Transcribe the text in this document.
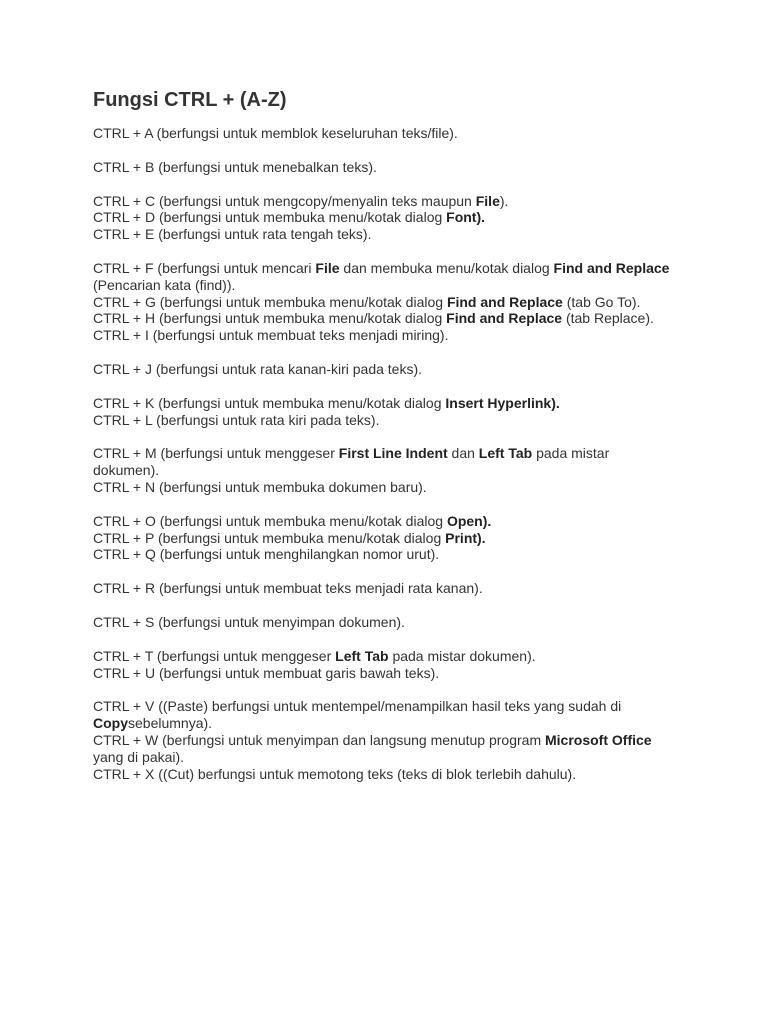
Fungsi CTRL + (A-Z)
CTRL + A (berfungsi untuk memblok keseluruhan teks/file).
CTRL + B (berfungsi untuk menebalkan teks).
CTRL + C (berfungsi untuk mengcopy/menyalin teks maupun File).
CTRL + D (berfungsi untuk membuka menu/kotak dialog Font).
CTRL + E (berfungsi untuk rata tengah teks).
CTRL + F (berfungsi untuk mencari File dan membuka menu/kotak dialog Find and Replace (Pencarian kata (find)).
CTRL + G (berfungsi untuk membuka menu/kotak dialog Find and Replace (tab Go To).
CTRL + H (berfungsi untuk membuka menu/kotak dialog Find and Replace (tab Replace).
CTRL + I (berfungsi untuk membuat teks menjadi miring).
CTRL + J (berfungsi untuk rata kanan-kiri pada teks).
CTRL + K (berfungsi untuk membuka menu/kotak dialog Insert Hyperlink).
CTRL + L (berfungsi untuk rata kiri pada teks).
CTRL + M (berfungsi untuk menggeser First Line Indent dan Left Tab pada mistar dokumen).
CTRL + N (berfungsi untuk membuka dokumen baru).
CTRL + O (berfungsi untuk membuka menu/kotak dialog Open).
CTRL + P (berfungsi untuk membuka menu/kotak dialog Print).
CTRL + Q (berfungsi untuk menghilangkan nomor urut).
CTRL + R (berfungsi untuk membuat teks menjadi rata kanan).
CTRL + S (berfungsi untuk menyimpan dokumen).
CTRL + T (berfungsi untuk menggeser Left Tab pada mistar dokumen).
CTRL + U (berfungsi untuk membuat garis bawah teks).
CTRL + V ((Paste) berfungsi untuk mentempel/menampilkan hasil teks yang sudah di Copysebelumnya).
CTRL + W (berfungsi untuk menyimpan dan langsung menutup program Microsoft Office yang di pakai).
CTRL + X ((Cut) berfungsi untuk memotong teks (teks di blok terlebih dahulu).
